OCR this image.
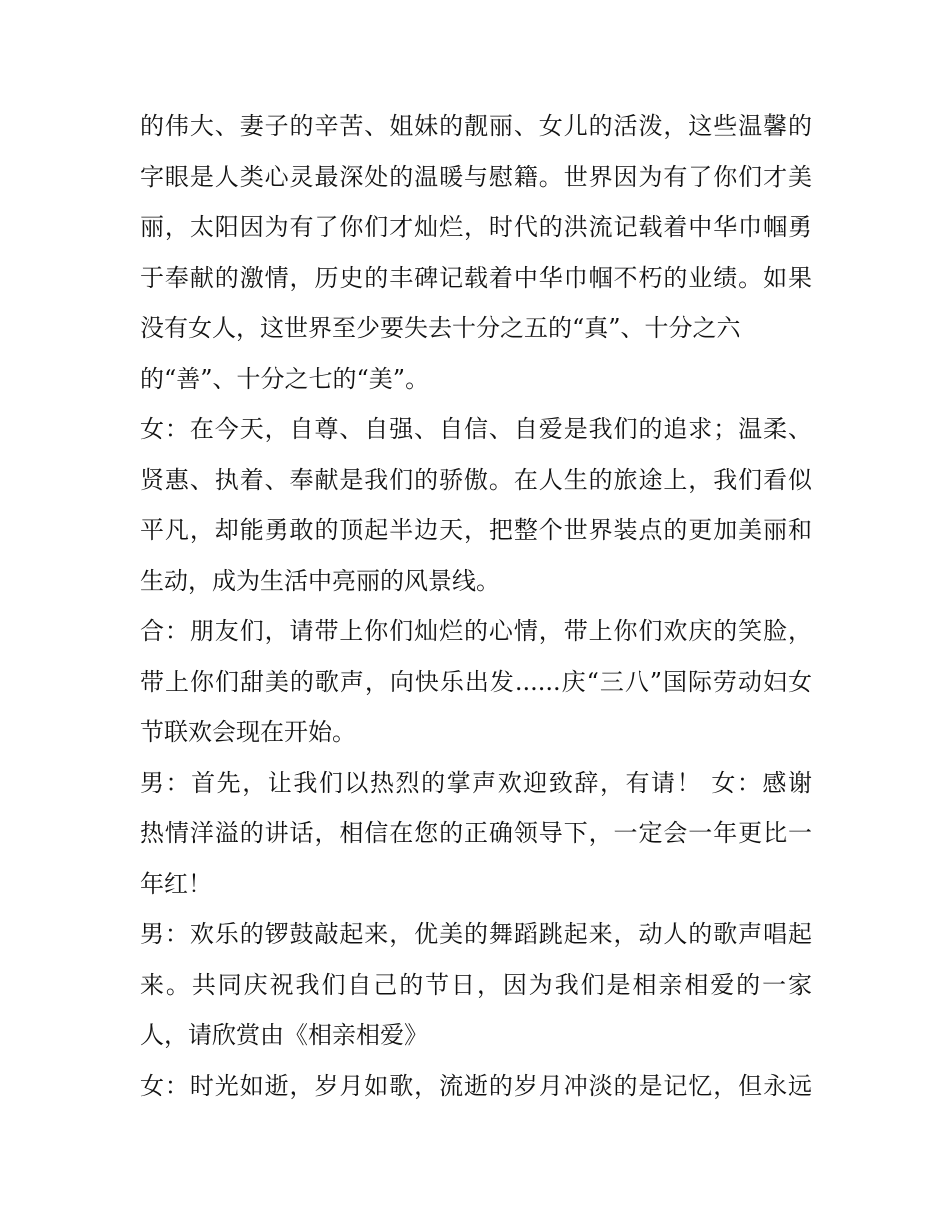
的伟大、妻子的辛苦、姐妹的靓丽、女儿的活泼，这些温馨的
字眼是人类心灵最深处的温暖与慰籍。世界因为有了你们才美
丽，太阳因为有了你们才灿烂，时代的洪流记载着中华巾帼勇
于奉献的激情，历史的丰碑记载着中华巾帼不朽的业绩。如果
没有女人，这世界至少要失去十分之五的“真”、十分之六
的“善”、十分之七的“美”。
女：在今天，自尊、自强、自信、自爱是我们的追求；温柔、
贤惠、执着、奉献是我们的骄傲。在人生的旅途上，我们看似
平凡，却能勇敢的顶起半边天，把整个世界装点的更加美丽和
生动，成为生活中亮丽的风景线。
合：朋友们，请带上你们灿烂的心情，带上你们欢庆的笑脸，
带上你们甜美的歌声，向快乐出发......庆“三八”国际劳动妇女
节联欢会现在开始。
男：首先，让我们以热烈的掌声欢迎致辞，有请！ 女：感谢
热情洋溢的讲话，相信在您的正确领导下，一定会一年更比一
年红！
男：欢乐的锣鼓敲起来，优美的舞蹈跳起来，动人的歌声唱起
来。共同庆祝我们自己的节日，因为我们是相亲相爱的一家
人，请欣赏由《相亲相爱》
女：时光如逝，岁月如歌，流逝的岁月冲淡的是记忆，但永远
